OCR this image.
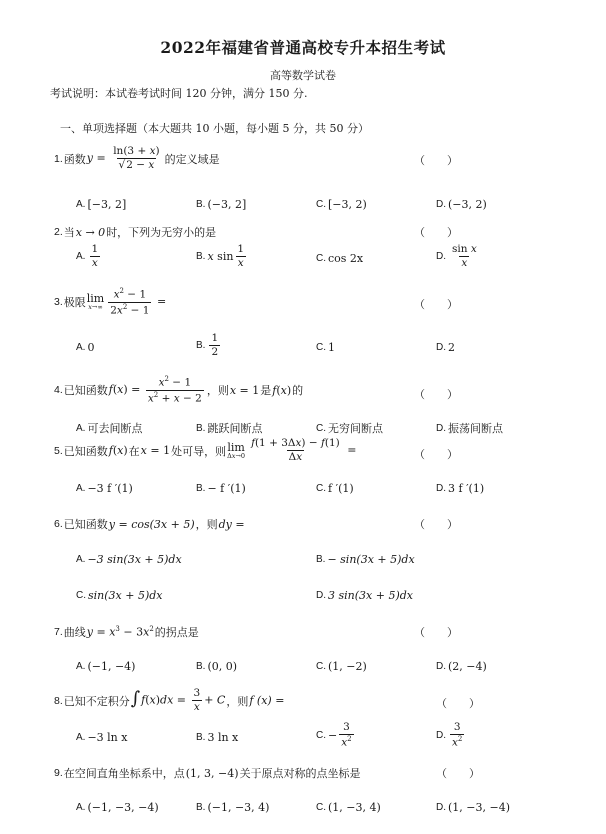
2022年福建省普通高校专升本招生考试
高等数学试卷
考试说明：本试卷考试时间 120 分钟，满分 150 分.
一、单项选择题（本大题共 10 小题，每小题 5 分，共 50 分）
1. 函数 $y = \frac{\ln(3 + x)}{√2 - x}$ 的定义域是	（　　）
A. [−3, 2]	B. (−3, 2]	C. [−3, 2)	D. (−3, 2)
2. 当 x → 0 时，下列为无穷小的是	（　　）
A. $\frac{1}{x}$	B. x $\sin \frac{1}{x}$	C. cos 2x	D. $\frac{\text{sin x}}{x}$
3. 极限 lim
$x\to\infty \frac{x^2 - 1}{2x^2 - 1}$ =	（　　）
A. 0	B. $\frac{1}{2}$	C. 1	D. 2
4. 已知函数 $f(x) = \frac{x^2 - 1}{x^2 + x - 2}$ ，则 x = 1 是 f(x) 的	（　　）
A. 可去间断点	B. 跳跃间断点	C. 无穷间断点	D. 振荡间断点
5. 已知函数 f(x) 在 x = 1 处可导，则 lim
$\Delta x\to 0 \frac{f(1 + 3\Delta x) - f(1)}{\Delta x}$ =	（　　）
A. −3 f ′(1)	B. − f ′(1)	C. f ′(1)	D. 3 f ′(1)
6. 已知函数 y = cos(3x + 5) ，则 dy =	（　　）
A. −3 sin(3x + 5)dx	B. − sin(3x + 5)dx
C. sin(3x + 5)dx	D. 3 sin(3x + 5)dx
7. 曲线 $y = x^3 - 3x^2$ 的拐点是	（　　）
A. (−1, −4)	B. (0, 0)	C. (1, −2)	D. (2, −4)
8. 已知不定积分 $\int f(x)dx = \frac{3}{x} + C$ ，则 f (x) =	（　　）
A. −3 ln x	B. 3 ln x	C. − $\frac{3}{x^2}$	D. $\frac{3}{x^2}$
9. 在空间直角坐标系中，点 (1, 3, −4) 关于原点对称的点坐标是	（　　）
A. (−1, −3, −4)	B. (−1, −3, 4)	C. (1, −3, 4)	D. (1, −3, −4)
